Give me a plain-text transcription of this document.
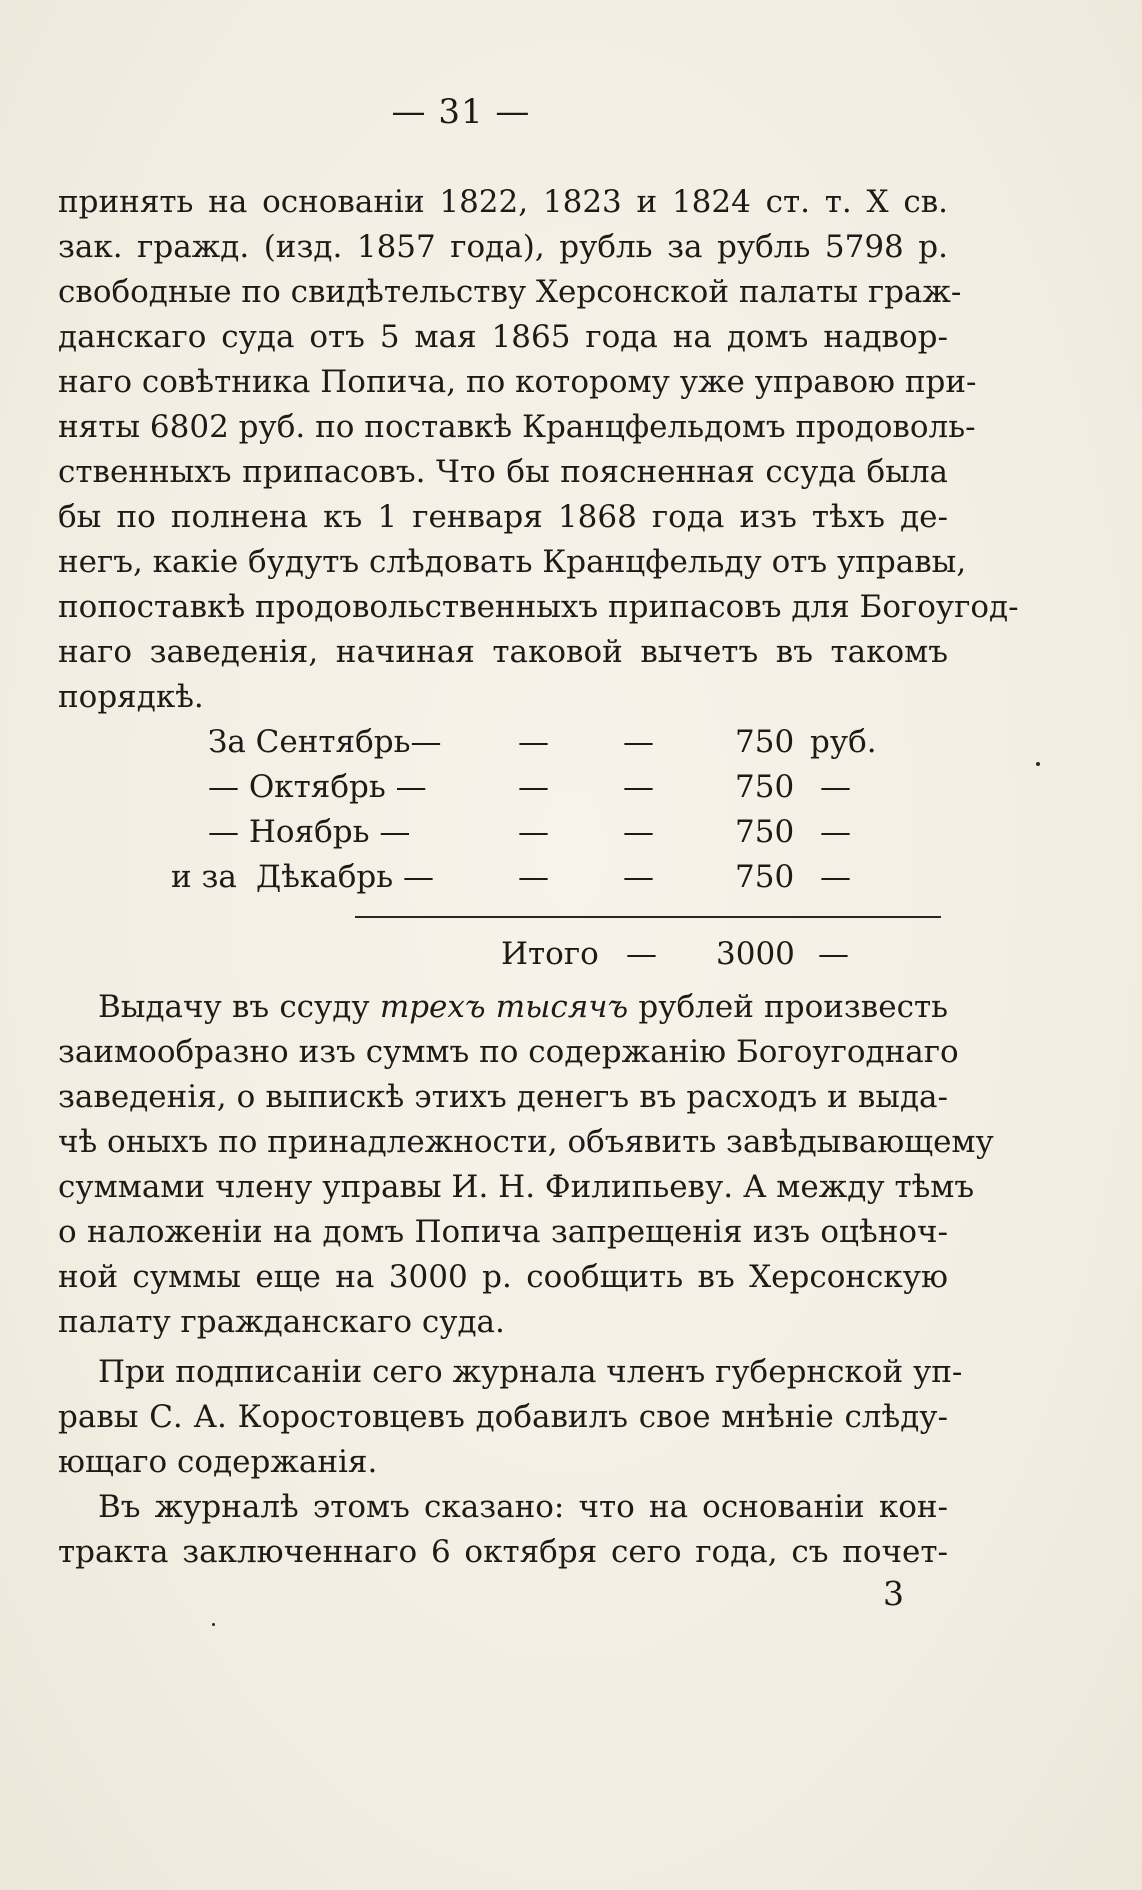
— 31 —
принять на основанiи 1822, 1823 и 1824 ст. т. X св.
зак. гражд. (изд. 1857 года), рубль за рубль 5798 р.
свободные по свидѣтельству Херсонской палаты граж-
данскаго суда отъ 5 мая 1865 года на домъ надвор-
наго совѣтника Попича, по которому уже управою при-
няты 6802 руб. по поставкѣ Кранцфельдомъ продоволь-
ственныхъ припасовъ. Что бы поясненная ссуда была
бы по полнена къ 1 генваря 1868 года изъ тѣхъ де-
негъ, какiе будутъ слѣдовать Кранцфельду отъ управы,
попоставкѣ продовольственныхъ припасовъ для Богоугод-
наго заведенiя, начиная таковой вычетъ въ такомъ
порядкѣ.
За Сентябрь— — —	750 руб.
— Октябрь —	— —	750 —
— Ноябрь —	— —	750 —
и за Дѣкабрь —	— —	750 —
Итого — 3000 —
Выдачу въ ссуду трехъ тысячъ рублей произвесть
заимообразно изъ суммъ по содержанiю Богоугоднаго
заведенiя, о выпискѣ этихъ денегъ въ расходъ и выда-
чѣ оныхъ по принадлежности, объявить завѣдывающему
суммами члену управы И. Н. Филипьеву. А между тѣмъ
о наложенiи на домъ Попича запрещенiя изъ оцѣноч-
ной суммы еще на 3000 р. сообщить въ Херсонскую
палату гражданскаго суда.
При подписанiи сего журнала членъ губернской уп-
равы С. А. Коростовцевъ добавилъ свое мнѣнiе слѣду-
ющаго содержанiя.
Въ журналѣ этомъ сказано: что на основанiи кон-
тракта заключеннаго 6 октября сего года, съ почет-
3
